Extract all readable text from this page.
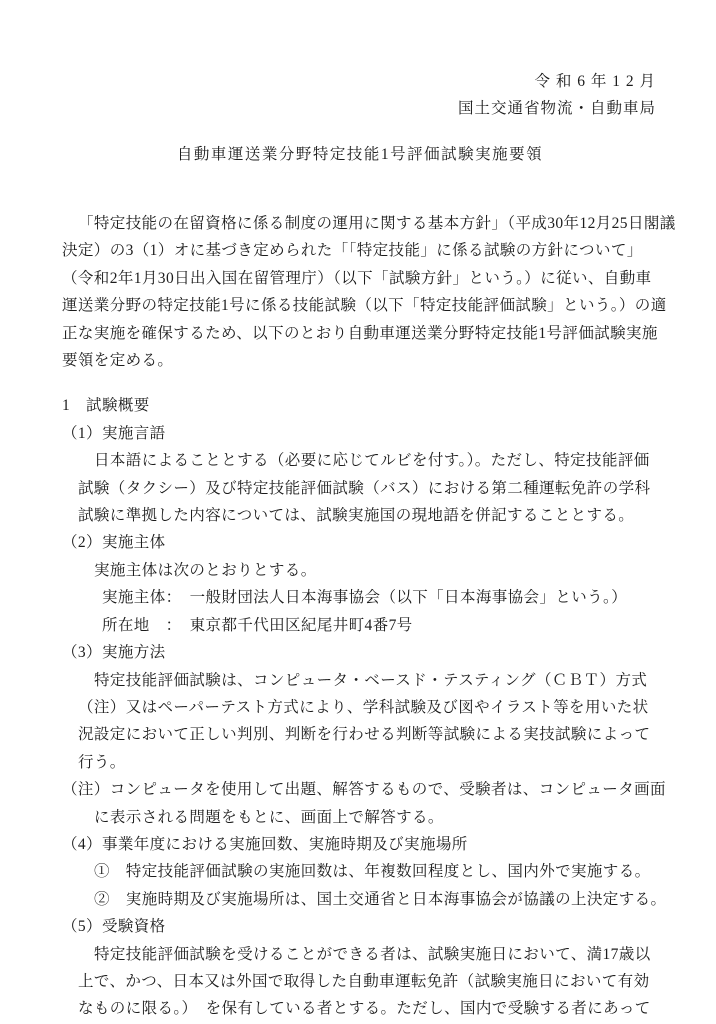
令 和 6 年 1 2 月
国土交通省物流・自動車局
自動車運送業分野特定技能1号評価試験実施要領
「特定技能の在留資格に係る制度の運用に関する基本方針」（平成30年12月25日閣議
決定）の3（1）オに基づき定められた「「特定技能」に係る試験の方針について」
（令和2年1月30日出入国在留管理庁）（以下「試験方針」という。）に従い、自動車
運送業分野の特定技能1号に係る技能試験（以下「特定技能評価試験」という。）の適
正な実施を確保するため、以下のとおり自動車運送業分野特定技能1号評価試験実施
要領を定める。
1　試験概要
（1）実施言語
日本語によることとする（必要に応じてルビを付す。）。ただし、特定技能評価
試験（タクシー）及び特定技能評価試験（バス）における第二種運転免許の学科
試験に準拠した内容については、試験実施国の現地語を併記することとする。
（2）実施主体
実施主体は次のとおりとする。
実施主体：　一般財団法人日本海事協会（以下「日本海事協会」という。）
所在地　：　東京都千代田区紀尾井町4番7号
（3）実施方法
特定技能評価試験は、コンピュータ・ベースド・テスティング（ＣＢＴ）方式
（注）又はペーパーテスト方式により、学科試験及び図やイラスト等を用いた状
況設定において正しい判別、判断を行わせる判断等試験による実技試験によって
行う。
（注）コンピュータを使用して出題、解答するもので、受験者は、コンピュータ画面
に表示される問題をもとに、画面上で解答する。
（4）事業年度における実施回数、実施時期及び実施場所
①　特定技能評価試験の実施回数は、年複数回程度とし、国内外で実施する。
②　実施時期及び実施場所は、国土交通省と日本海事協会が協議の上決定する。
（5）受験資格
特定技能評価試験を受けることができる者は、試験実施日において、満17歳以
上で、かつ、日本又は外国で取得した自動車運転免許（試験実施日において有効
なものに限る。）　を保有している者とする。ただし、国内で受験する者にあって
